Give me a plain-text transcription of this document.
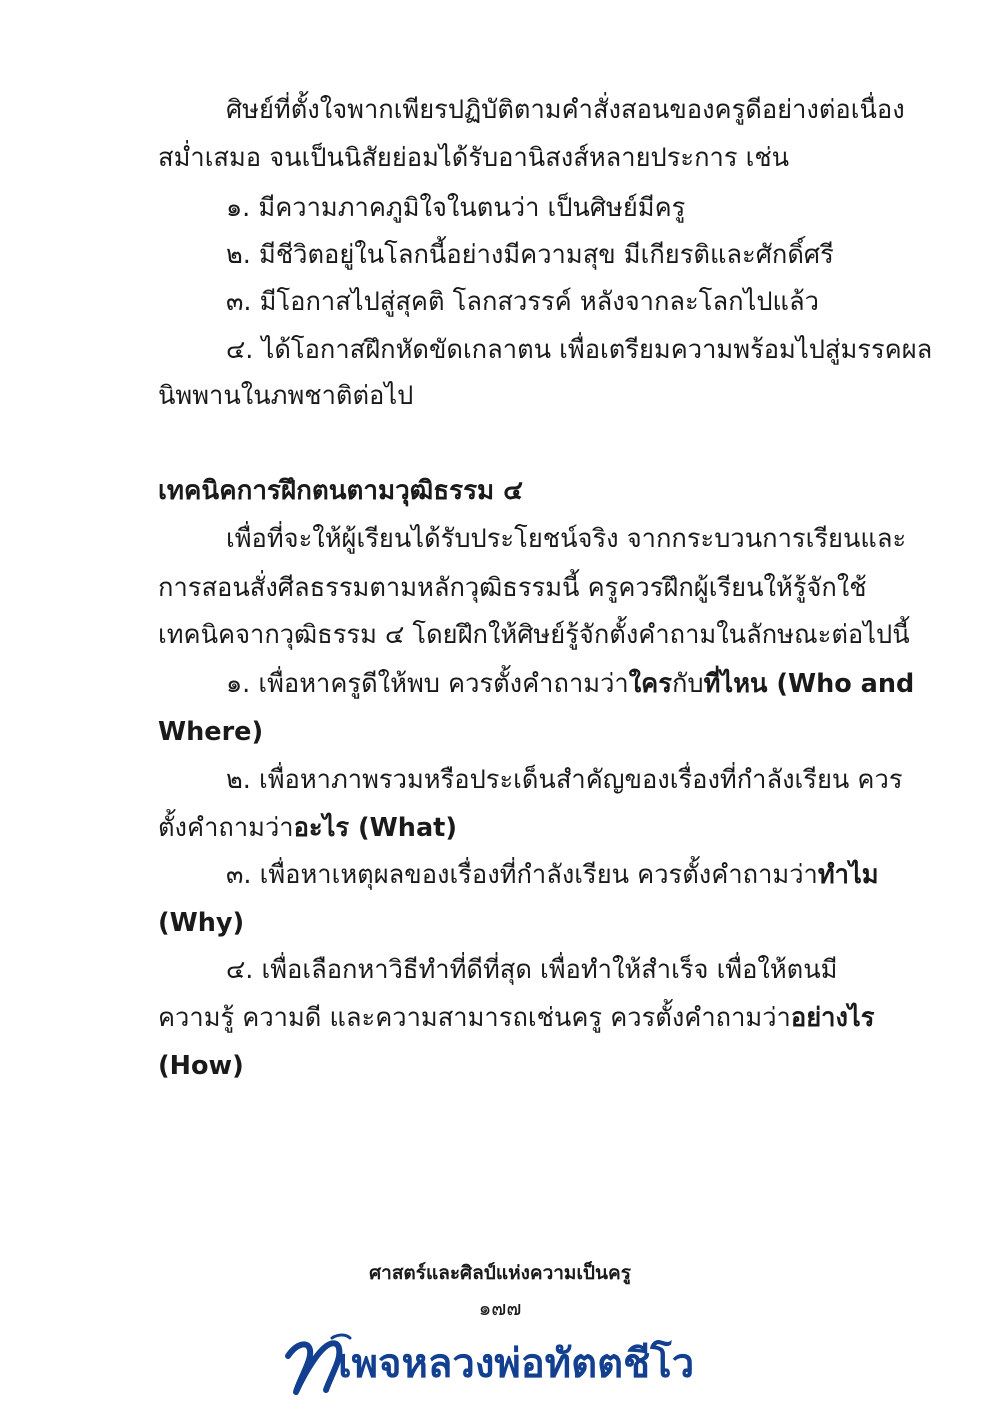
ศิษย์ที่ตั้งใจพากเพียรปฏิบัติตามคำสั่งสอนของครูดีอย่างต่อเนื่อง
สม่ำเสมอ จนเป็นนิสัยย่อมได้รับอานิสงส์หลายประการ เช่น
๑. มีความภาคภูมิใจในตนว่า เป็นศิษย์มีครู
๒. มีชีวิตอยู่ในโลกนี้อย่างมีความสุข มีเกียรติและศักดิ์ศรี
๓. มีโอกาสไปสู่สุคติ โลกสวรรค์ หลังจากละโลกไปแล้ว
๔. ได้โอกาสฝึกหัดขัดเกลาตน เพื่อเตรียมความพร้อมไปสู่มรรคผล
นิพพานในภพชาติต่อไป
เทคนิคการฝึกตนตามวุฒิธรรม ๔
เพื่อที่จะให้ผู้เรียนได้รับประโยชน์จริง จากกระบวนการเรียนและ
การสอนสั่งศีลธรรมตามหลักวุฒิธรรมนี้ ครูควรฝึกผู้เรียนให้รู้จักใช้
เทคนิคจากวุฒิธรรม ๔ โดยฝึกให้ศิษย์รู้จักตั้งคำถามในลักษณะต่อไปนี้
๑. เพื่อหาครูดีให้พบ ควรตั้งคำถามว่าใครกับที่ไหน (Who and
Where)
๒. เพื่อหาภาพรวมหรือประเด็นสำคัญของเรื่องที่กำลังเรียน ควร
ตั้งคำถามว่าอะไร (What)
๓. เพื่อหาเหตุผลของเรื่องที่กำลังเรียน ควรตั้งคำถามว่าทำไม
(Why)
๔. เพื่อเลือกหาวิธีทำที่ดีที่สุด เพื่อทำให้สำเร็จ เพื่อให้ตนมี
ความรู้ ความดี และความสามารถเช่นครู ควรตั้งคำถามว่าอย่างไร
(How)
ศาสตร์และศิลป์แห่งความเป็นครู
๑๗๗
เพจหลวงพ่อทัตตชีโว
